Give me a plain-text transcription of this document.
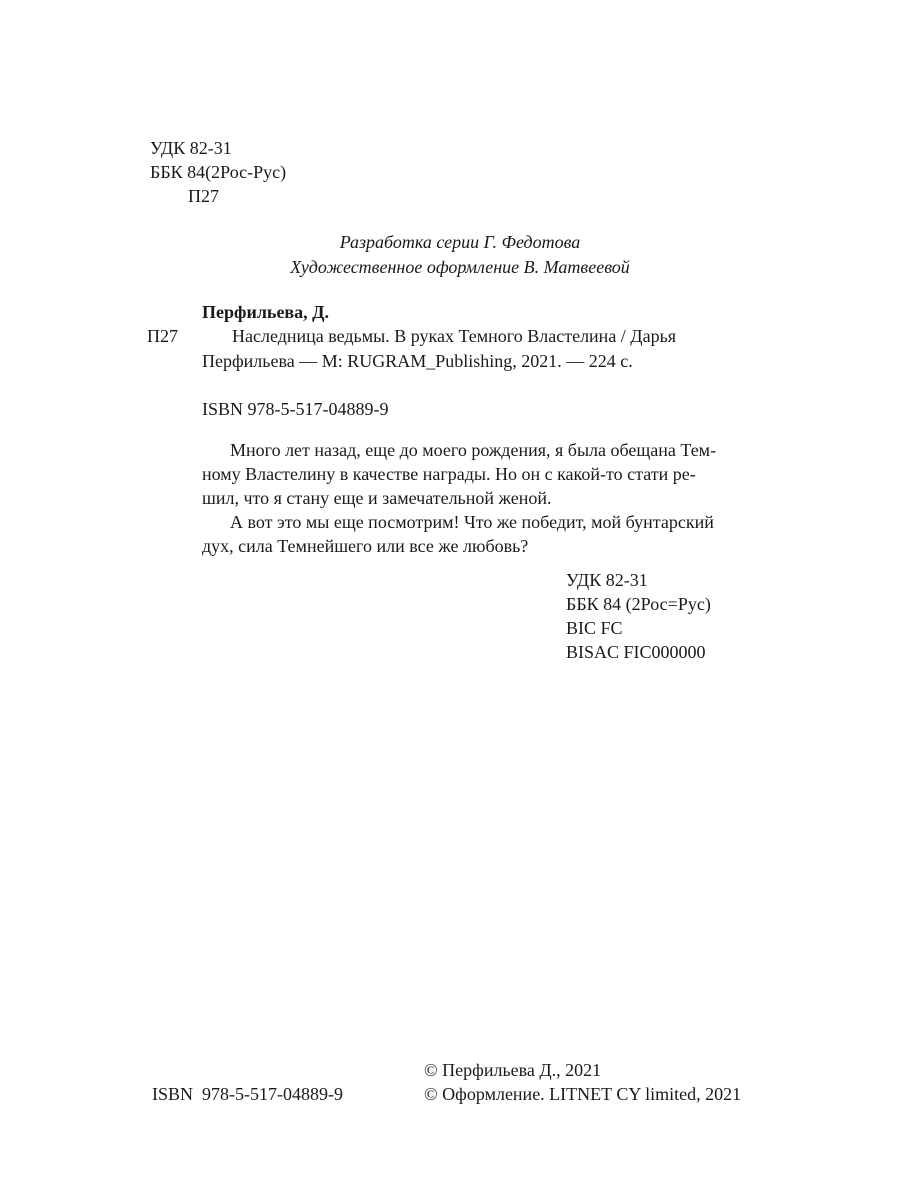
УДК 82-31
ББК 84(2Рос-Рус)
П27
Разработка серии Г. Федотова
Художественное оформление В. Матвеевой
Перфильева, Д.
П27	Наследница ведьмы. В руках Темного Властелина / Дарья
Перфильева — М: RUGRAM_Publishing, 2021. — 224 с.
ISBN 978-5-517-04889-9
Много лет назад, еще до моего рождения, я была обещана Тем-
ному Властелину в качестве награды. Но он с какой-то стати ре-
шил, что я стану еще и замечательной женой.
А вот это мы еще посмотрим! Что же победит, мой бунтарский
дух, сила Темнейшего или все же любовь?
УДК 82-31
ББК 84 (2Рос=Рус)
BIC FC
BISAC FIC000000
ISBN  978-5-517-04889-9
© Перфильева Д., 2021
© Оформление. LITNET CY limited, 2021
